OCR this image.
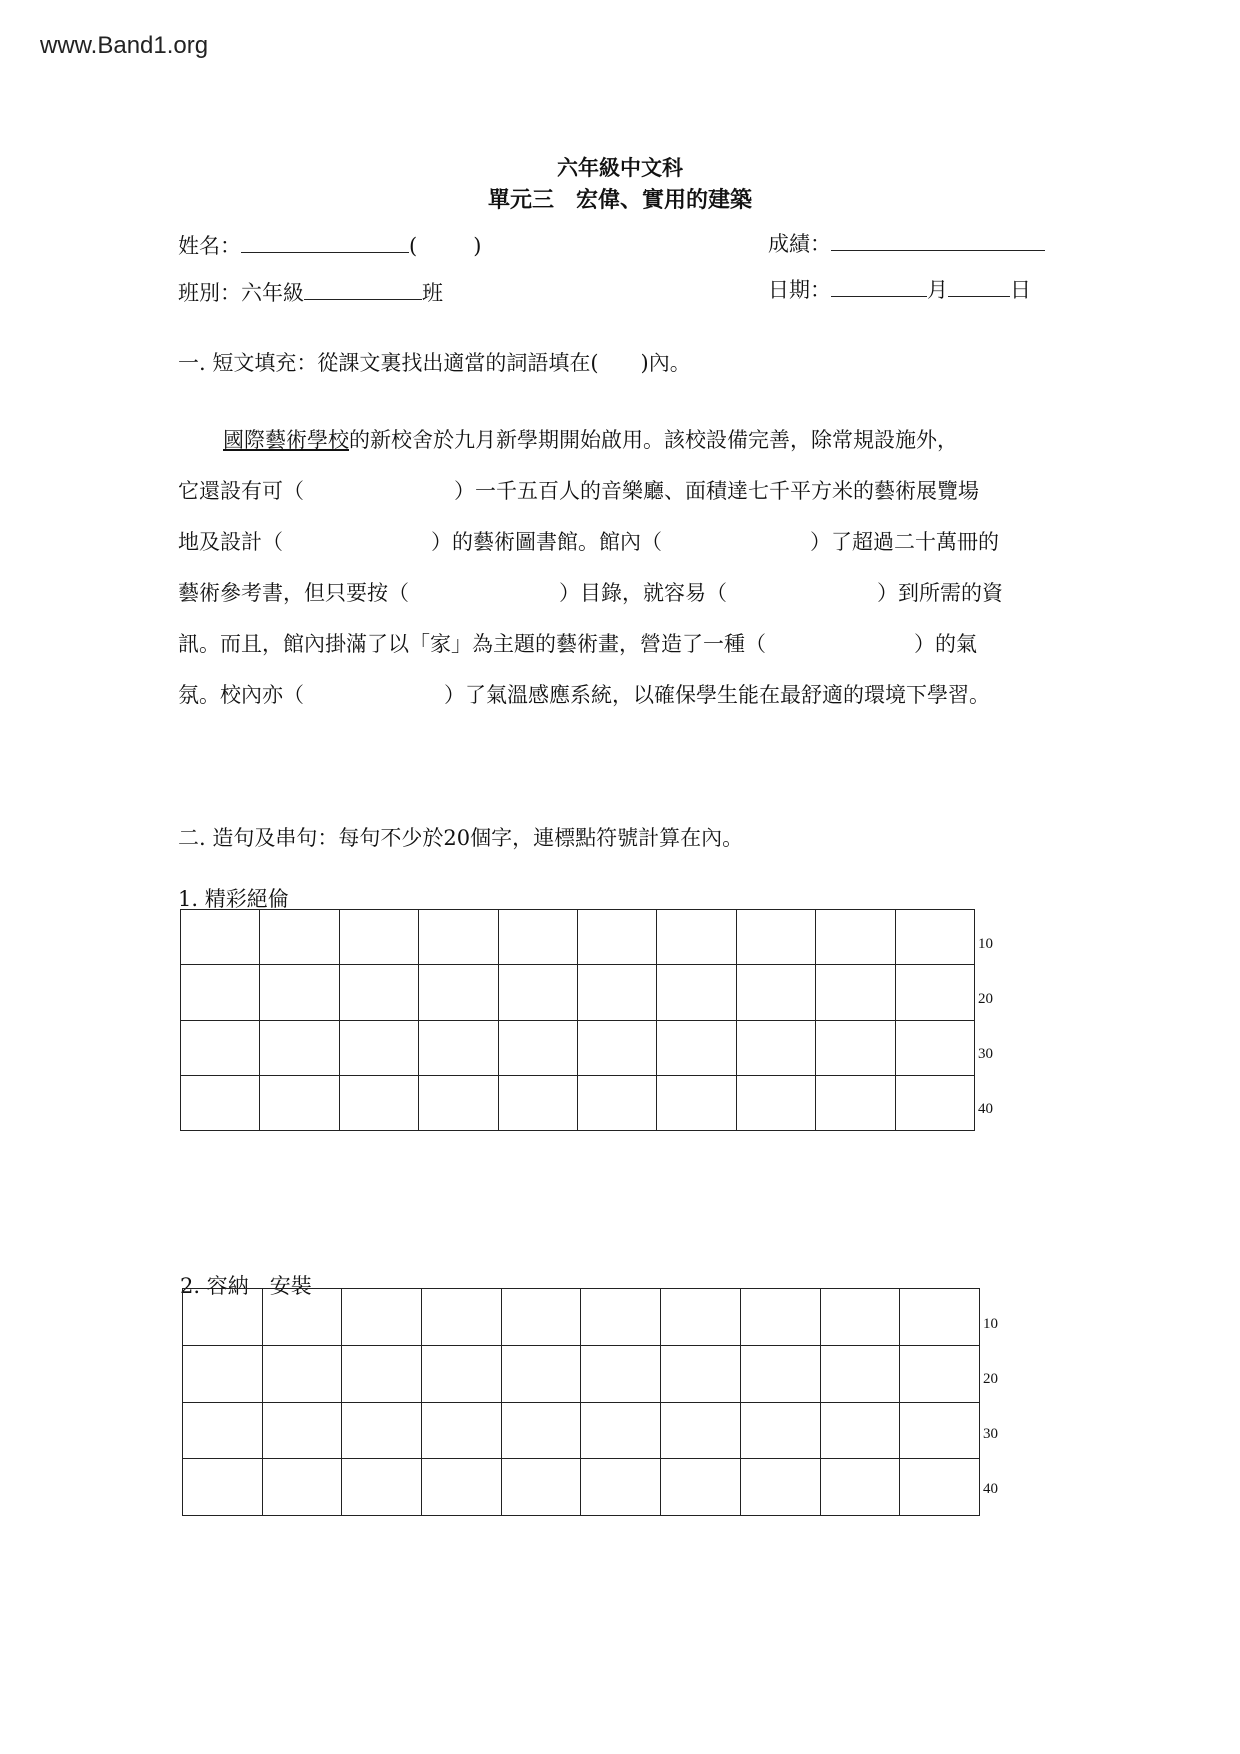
www.Band1.org
六年級中文科
單元三　宏偉、實用的建築
姓名：	(	)	成績：
班別：六年級	班	日期：	月	日
一. 短文填充：從課文裏找出適當的詞語填在(　　)內。
國際藝術學校的新校舍於九月新學期開始啟用。該校設備完善，除常規設施外，
它還設有可（	）一千五百人的音樂廳、面積達七千平方米的藝術展覽場
地及設計（	）的藝術圖書館。館內（	）了超過二十萬冊的
藝術參考書，但只要按（	）目錄，就容易（	）到所需的資
訊。而且，館內掛滿了以「家」為主題的藝術畫，營造了一種（	）的氣
氛。校內亦（	）了氣溫感應系統，以確保學生能在最舒適的環境下學習。
二. 造句及串句：每句不少於20個字，連標點符號計算在內。
1. 精彩絕倫

10
20
30
40
2. 容納　安裝

10
20
30
40
